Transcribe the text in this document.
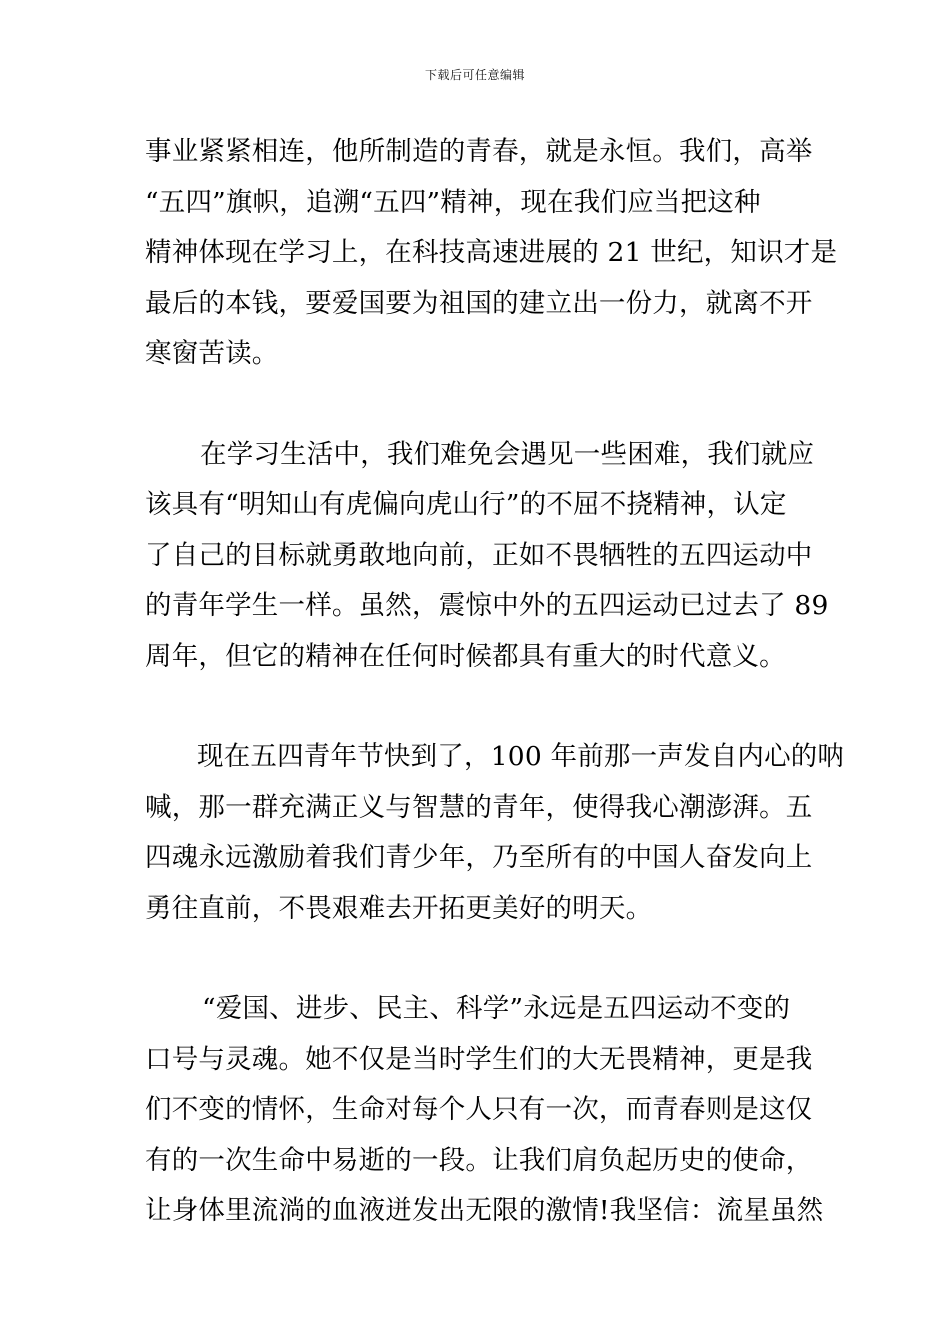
下载后可任意编辑
事业紧紧相连，他所制造的青春，就是永恒。我们，高举
“五四”旗帜，追溯“五四”精神，现在我们应当把这种
精神体现在学习上，在科技高速进展的 21 世纪，知识才是
最后的本钱，要爱国要为祖国的建立出一份力，就离不开
寒窗苦读。
在学习生活中，我们难免会遇见一些困难，我们就应
该具有“明知山有虎偏向虎山行”的不屈不挠精神，认定
了自己的目标就勇敢地向前，正如不畏牺牲的五四运动中
的青年学生一样。虽然，震惊中外的五四运动已过去了 89
周年，但它的精神在任何时候都具有重大的时代意义。
现在五四青年节快到了，100 年前那一声发自内心的呐
喊，那一群充满正义与智慧的青年，使得我心潮澎湃。五
四魂永远激励着我们青少年，乃至所有的中国人奋发向上
勇往直前，不畏艰难去开拓更美好的明天。
“爱国、进步、民主、科学”永远是五四运动不变的
口号与灵魂。她不仅是当时学生们的大无畏精神，更是我
们不变的情怀，生命对每个人只有一次，而青春则是这仅
有的一次生命中易逝的一段。让我们肩负起历史的使命，
让身体里流淌的血液迸发出无限的激情!我坚信：流星虽然
